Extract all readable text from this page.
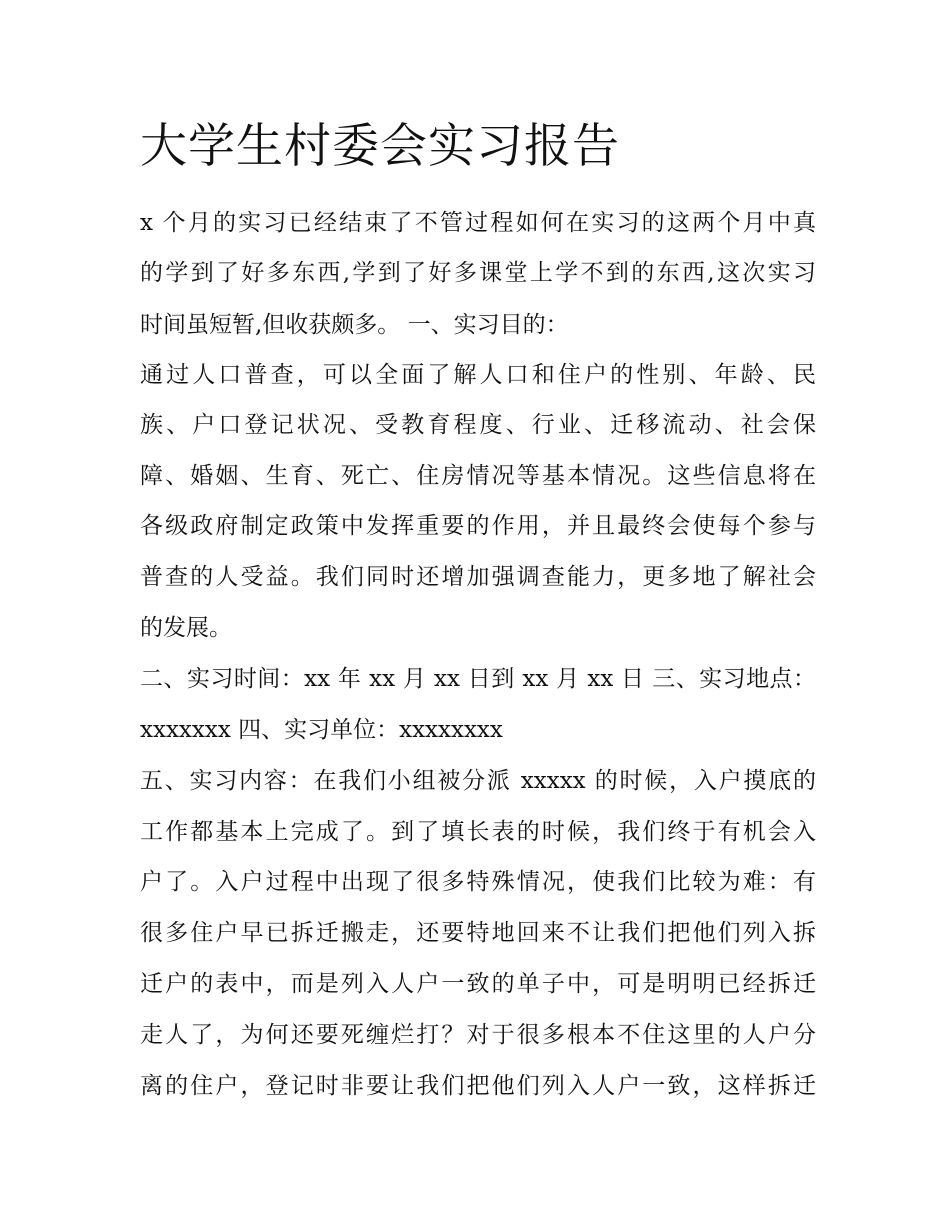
大学生村委会实习报告

x 个月的实习已经结束了不管过程如何在实习的这两个月中真

的学到了好多东西,学到了好多课堂上学不到的东西,这次实习

时间虽短暂,但收获颇多。 一、实习目的：

通过人口普查，可以全面了解人口和住户的性别、年龄、民

族、户口登记状况、受教育程度、行业、迁移流动、社会保

障、婚姻、生育、死亡、住房情况等基本情况。这些信息将在

各级政府制定政策中发挥重要的作用，并且最终会使每个参与

普查的人受益。我们同时还增加强调查能力，更多地了解社会

的发展。

二、实习时间：xx 年 xx 月 xx 日到 xx 月 xx 日 三、实习地点：

xxxxxxx 四、实习单位：xxxxxxxx

五、实习内容：在我们小组被分派 xxxxx 的时候，入户摸底的

工作都基本上完成了。到了填长表的时候，我们终于有机会入

户了。入户过程中出现了很多特殊情况，使我们比较为难：有

很多住户早已拆迁搬走，还要特地回来不让我们把他们列入拆

迁户的表中，而是列入人户一致的单子中，可是明明已经拆迁

走人了，为何还要死缠烂打？对于很多根本不住这里的人户分

离的住户，登记时非要让我们把他们列入人户一致，这样拆迁
